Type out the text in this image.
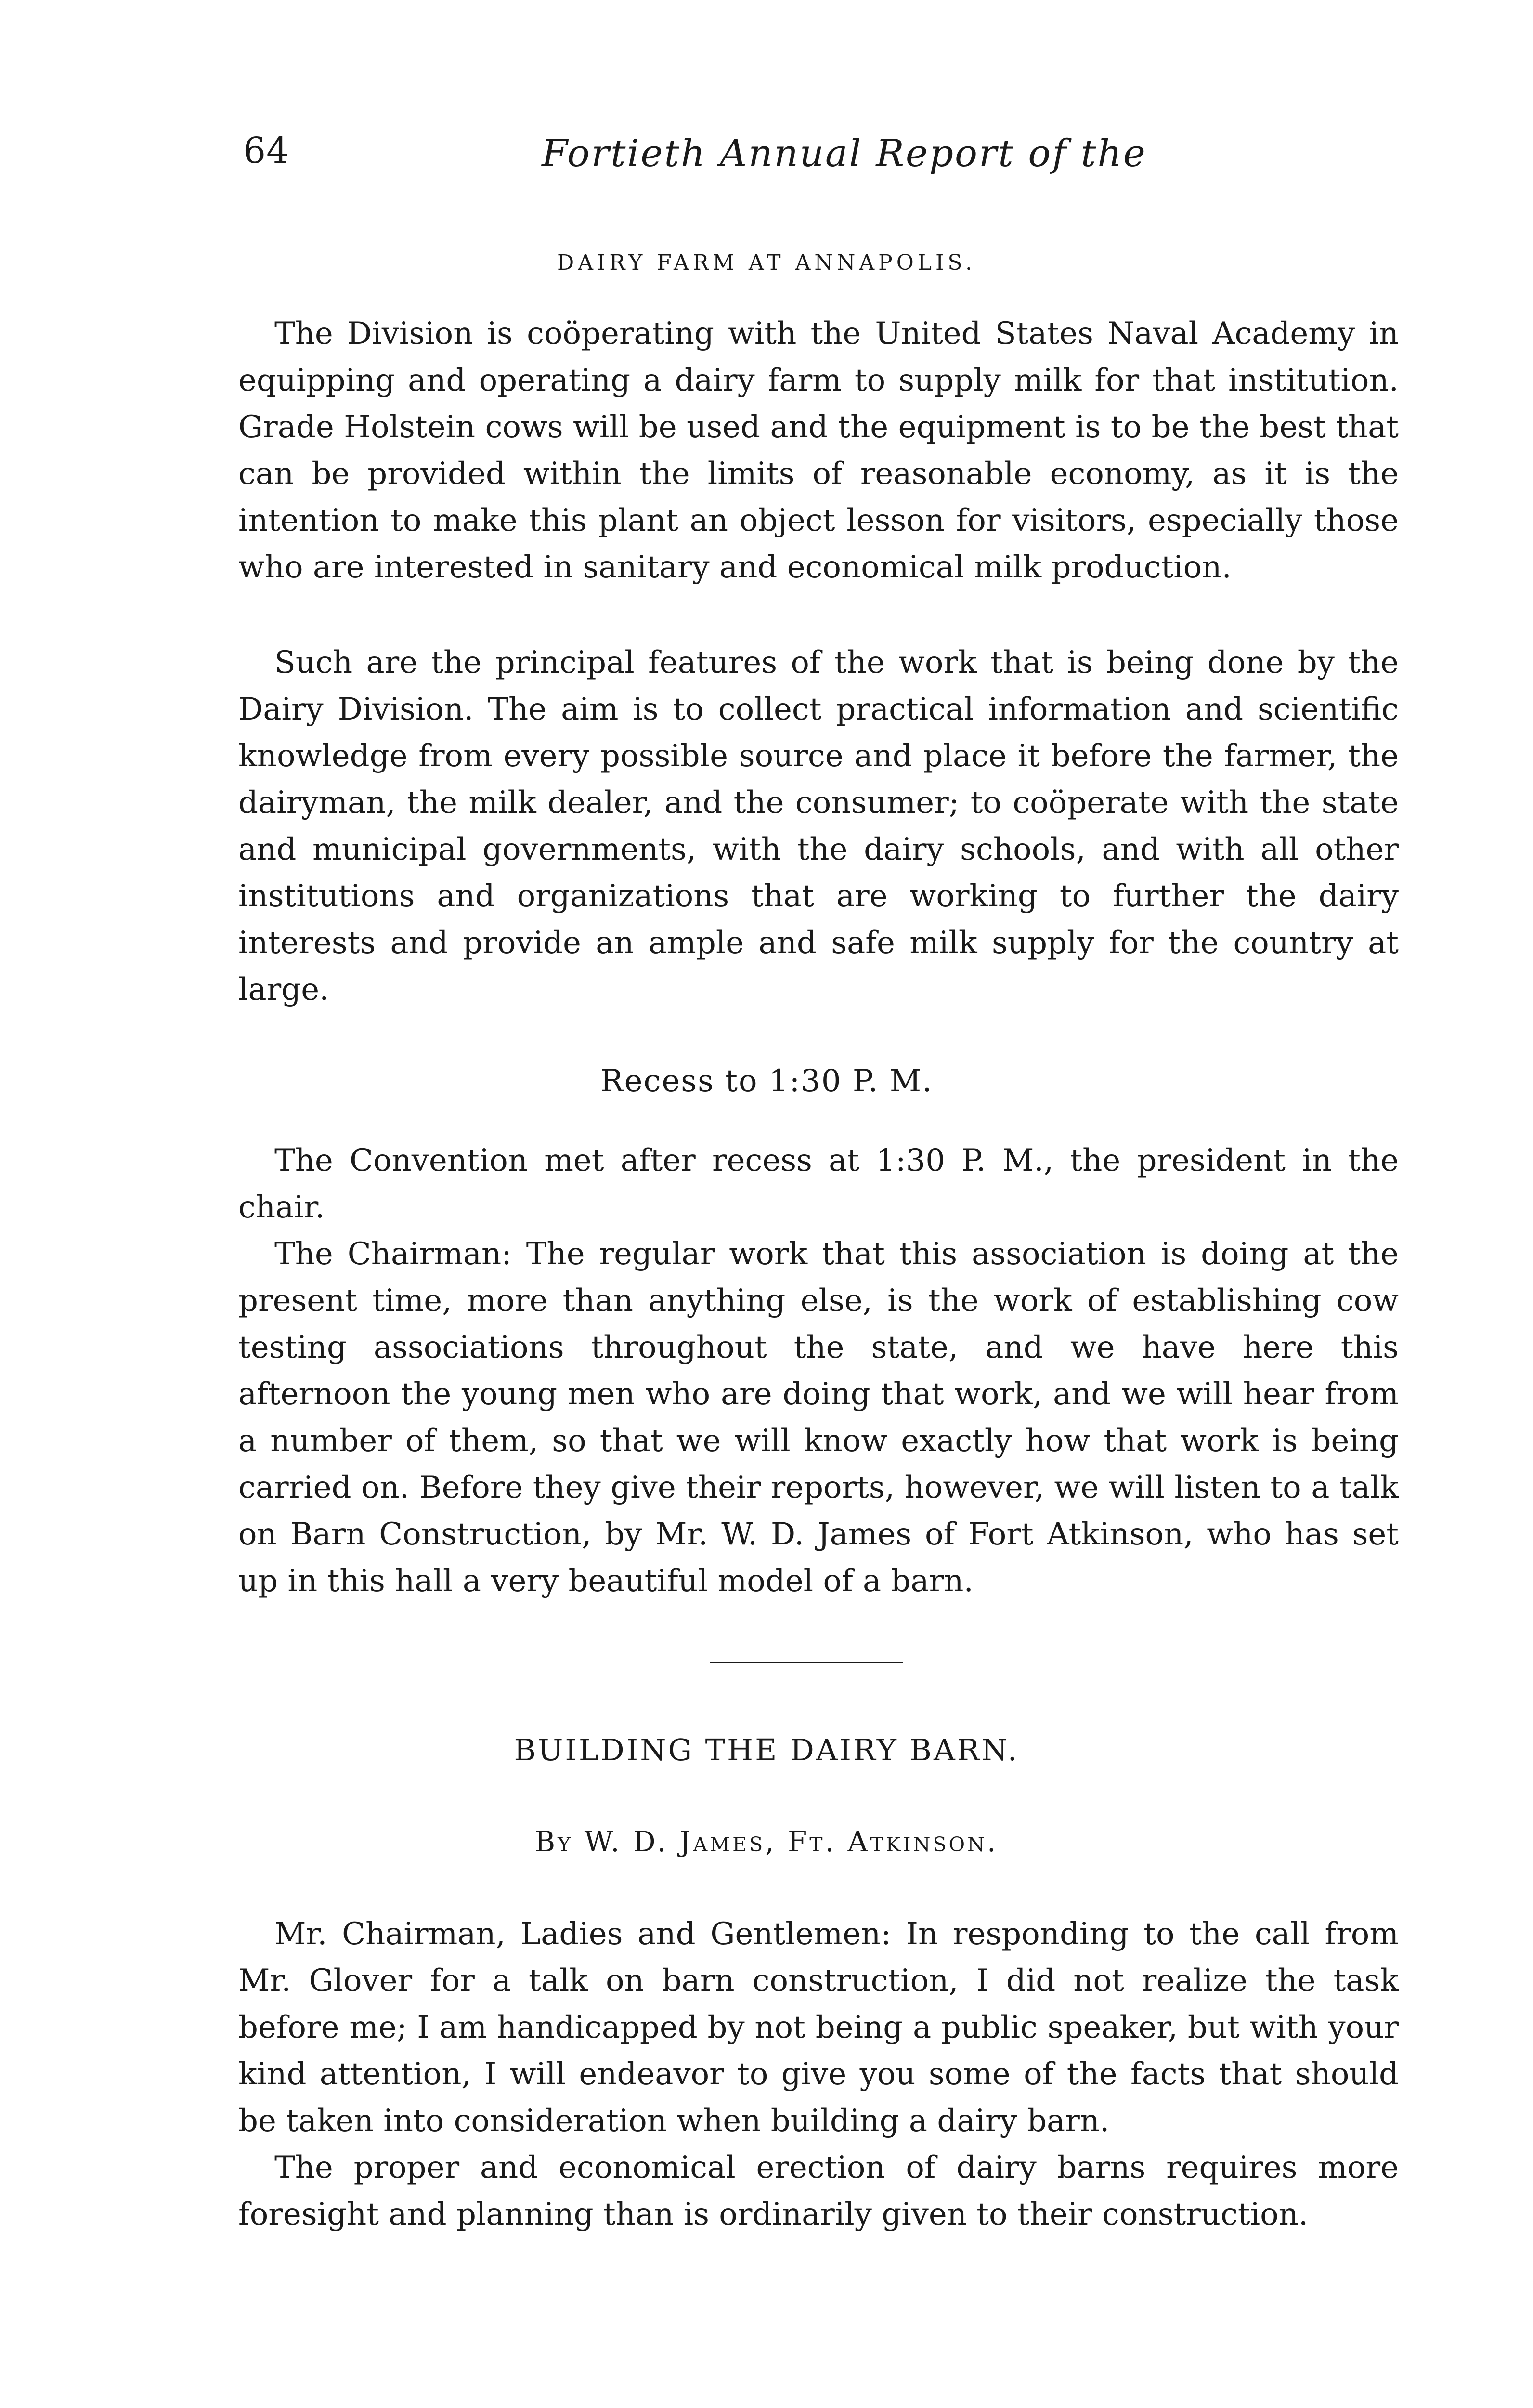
64	Fortieth Annual Report of the
DAIRY FARM AT ANNAPOLIS.

The Division is coöperating with the United States Naval Academy in equipping and operating a dairy farm to supply milk for that institution. Grade Holstein cows will be used and the equipment is to be the best that can be provided within the limits of reasonable economy, as it is the intention to make this plant an object lesson for visitors, especially those who are interested in sanitary and economical milk production.

Such are the principal features of the work that is being done by the Dairy Division. The aim is to collect practical information and scientific knowledge from every possible source and place it before the farmer, the dairyman, the milk dealer, and the consumer; to coöperate with the state and municipal governments, with the dairy schools, and with all other institutions and organizations that are working to further the dairy interests and provide an ample and safe milk supply for the country at large.

Recess to 1:30 P. M.

The Convention met after recess at 1:30 P. M., the president in the chair.

The Chairman: The regular work that this association is doing at the present time, more than anything else, is the work of establishing cow testing associations throughout the state, and we have here this afternoon the young men who are doing that work, and we will hear from a number of them, so that we will know exactly how that work is being carried on. Before they give their reports, however, we will listen to a talk on Barn Construction, by Mr. W. D. James of Fort Atkinson, who has set up in this hall a very beautiful model of a barn.

BUILDING THE DAIRY BARN.
By W. D. James, Ft. Atkinson.

Mr. Chairman, Ladies and Gentlemen: In responding to the call from Mr. Glover for a talk on barn construction, I did not realize the task before me; I am handicapped by not being a public speaker, but with your kind attention, I will endeavor to give you some of the facts that should be taken into consideration when building a dairy barn.

The proper and economical erection of dairy barns requires more foresight and planning than is ordinarily given to their construction.
